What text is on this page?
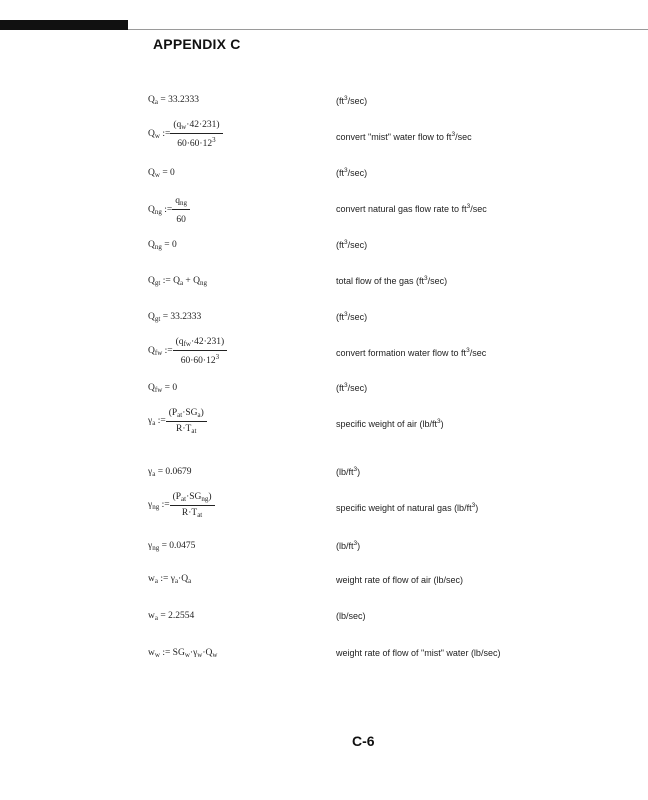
APPENDIX C
$Q_a = 33.2333$	$(ft^3/\sec)$
$Q_w$ := $\frac{(q_w\cdot 42\cdot 231)}{60\cdot 60\cdot 12^3}$	convert "mist" water flow to $ft^3/\sec$
$Q_w = 0$	$(ft^3/\sec)$
$Q_{ng}$ := $\frac{q_{ng}}{60}$	convert natural gas flow rate to $ft^3/\sec$
$Q_{ng} = 0$	$(ft^3/\sec)$
$Q_{gt}$ := $Q_a + Q_{ng}$	total flow of the gas $(ft^3/\sec)$
$Q_{gt} = 33.2333$	$(ft^3/\sec)$
$Q_{fw}$ := $\frac{(q_{fw}\cdot 42\cdot 231)}{60\cdot 60\cdot 12^3}$	convert formation water flow to $ft^3/\sec$
$Q_{fw} = 0$	$(ft^3/\sec)$
$\gamma_a$ := $\frac{(P_{at}\cdot SG_a)}{R\cdot T_{at}}$	specific weight of air $(lb/ft^3)$
$\gamma_a = 0.0679$	$(lb/ft^3)$
$\gamma_{ng}$ := $\frac{(P_{at}\cdot SG_{ng})}{R\cdot T_{at}}$	specific weight of natural gas $(lb/ft^3)$
$\gamma_{ng} = 0.0475$	$(lb/ft^3)$
$w_a$ := $\gamma_a\cdot Q_a$	weight rate of flow of air (lb/sec)
$w_a = 2.2554$	(lb/sec)
$w_w$ := $SG_w\cdot\gamma_w\cdot Q_w$	weight rate of flow of "mist" water (lb/sec)
C-6
